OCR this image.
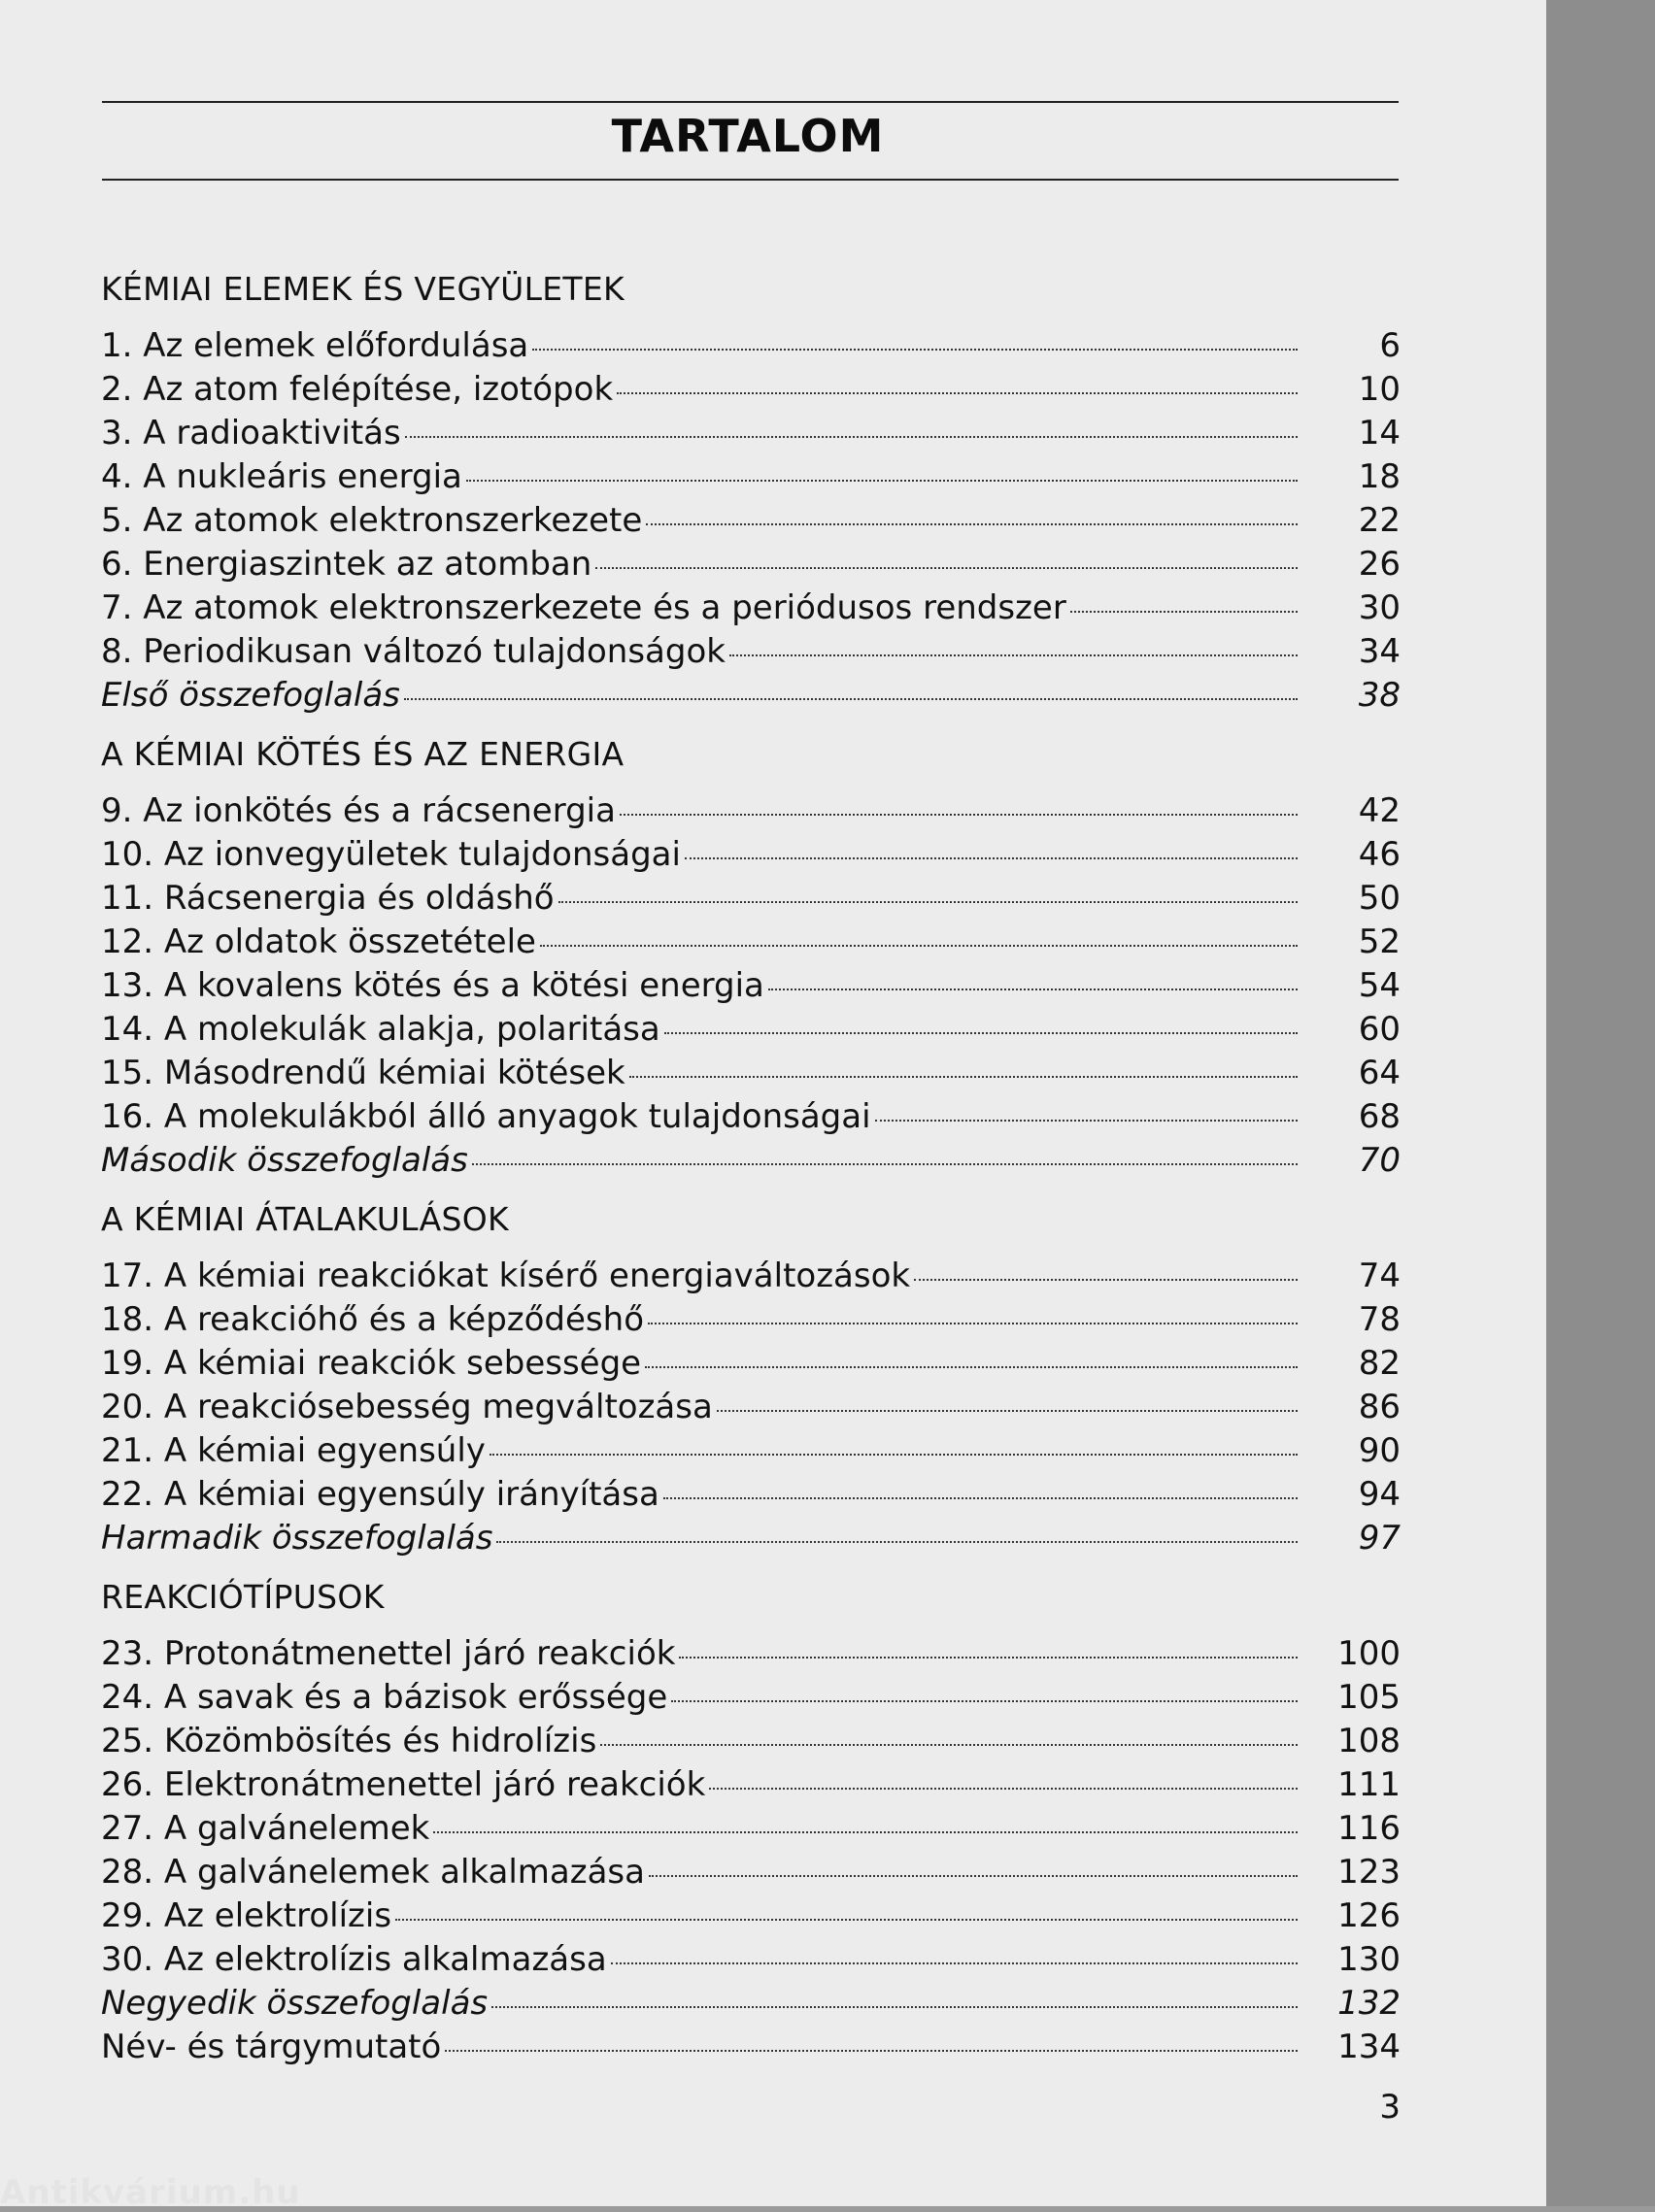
TARTALOM
KÉMIAI ELEMEK ÉS VEGYÜLETEK
1. Az elemek előfordulása	6
2. Az atom felépítése, izotópok	10
3. A radioaktivitás	14
4. A nukleáris energia	18
5. Az atomok elektronszerkezete	22
6. Energiaszintek az atomban	26
7. Az atomok elektronszerkezete és a periódusos rendszer	30
8. Periodikusan változó tulajdonságok	34
Első összefoglalás	38
A KÉMIAI KÖTÉS ÉS AZ ENERGIA
9. Az ionkötés és a rácsenergia	42
10. Az ionvegyületek tulajdonságai	46
11. Rácsenergia és oldáshő	50
12. Az oldatok összetétele	52
13. A kovalens kötés és a kötési energia	54
14. A molekulák alakja, polaritása	60
15. Másodrendű kémiai kötések	64
16. A molekulákból álló anyagok tulajdonságai	68
Második összefoglalás	70
A KÉMIAI ÁTALAKULÁSOK
17. A kémiai reakciókat kísérő energiaváltozások	74
18. A reakcióhő és a képződéshő	78
19. A kémiai reakciók sebessége	82
20. A reakciósebesség megváltozása	86
21. A kémiai egyensúly	90
22. A kémiai egyensúly irányítása	94
Harmadik összefoglalás	97
REAKCIÓTÍPUSOK
23. Protonátmenettel járó reakciók	100
24. A savak és a bázisok erőssége	105
25. Közömbösítés és hidrolízis	108
26. Elektronátmenettel járó reakciók	111
27. A galvánelemek	116
28. A galvánelemek alkalmazása	123
29. Az elektrolízis	126
30. Az elektrolízis alkalmazása	130
Negyedik összefoglalás	132
Név- és tárgymutató	134
3
Antikvárium.hu
